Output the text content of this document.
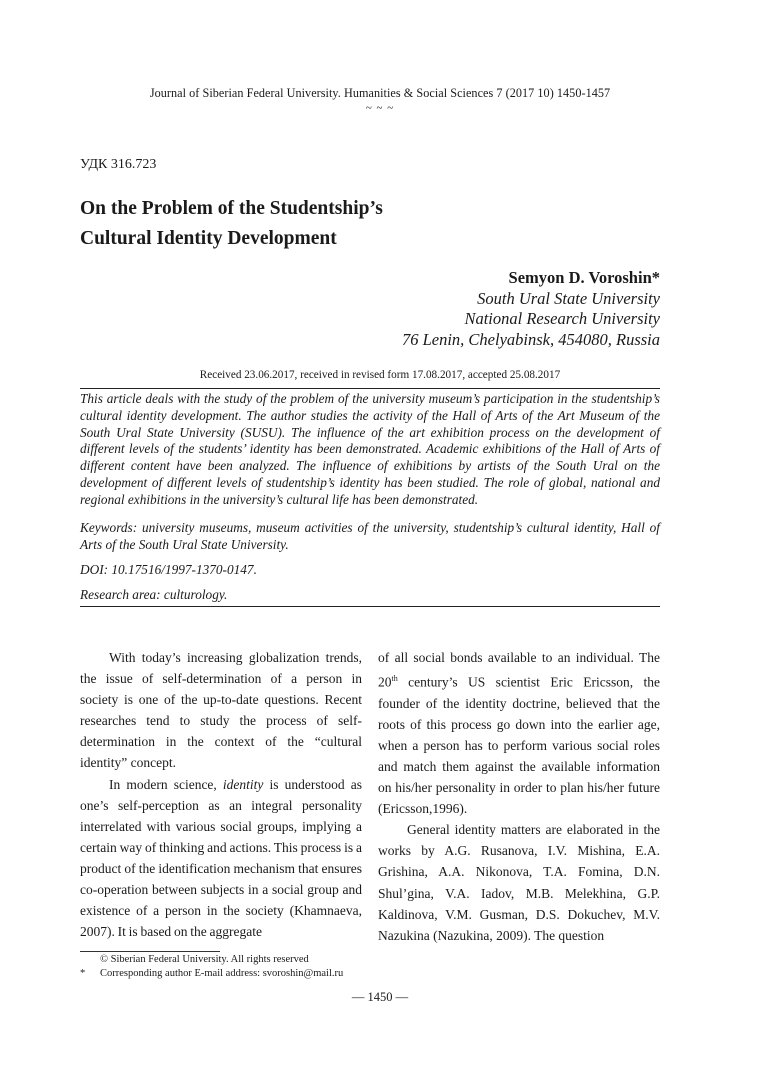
Journal of Siberian Federal University. Humanities & Social Sciences 7 (2017 10) 1450-1457
~ ~ ~
УДК 316.723
On the Problem of the Studentship’s
Cultural Identity Development
Semyon D. Voroshin*
South Ural State University
National Research University
76 Lenin, Chelyabinsk, 454080, Russia
Received 23.06.2017, received in revised form 17.08.2017, accepted 25.08.2017

This article deals with the study of the problem of the university museum’s participation in the studentship’s cultural identity development. The author studies the activity of the Hall of Arts of the Art Museum of the South Ural State University (SUSU). The influence of the art exhibition process on the development of different levels of the students’ identity has been demonstrated. Academic exhibitions of the Hall of Arts of different content have been analyzed. The influence of exhibitions by artists of the South Ural on the development of different levels of studentship’s identity has been studied. The role of global, national and regional exhibitions in the university’s cultural life has been demonstrated.

Keywords: university museums, museum activities of the university, studentship’s cultural identity, Hall of Arts of the South Ural State University.
DOI: 10.17516/1997-1370-0147.
Research area: culturology.

With today’s increasing globalization trends, the issue of self-determination of a person in society is one of the up-to-date questions. Recent researches tend to study the process of self-determination in the context of the “cultural identity” concept.

In modern science, identity is understood as one’s self-perception as an integral personality interrelated with various social groups, implying a certain way of thinking and actions. This process is a product of the identification mechanism that ensures co-operation between subjects in a social group and existence of a person in the society (Khamnaeva, 2007). It is based on the aggregate

of all social bonds available to an individual. The 20th century’s US scientist Eric Ericsson, the founder of the identity doctrine, believed that the roots of this process go down into the earlier age, when a person has to perform various social roles and match them against the available information on his/her personality in order to plan his/her future (Ericsson,1996).

General identity matters are elaborated in the works by A.G. Rusanova, I.V. Mishina, E.A. Grishina, A.A. Nikonova, T.A. Fomina, D.N. Shul’gina, V.A. Iadov, M.B. Melekhina, G.P. Kaldinova, V.M. Gusman, D.S. Dokuchev, M.V. Nazukina (Nazukina, 2009). The question

© Siberian Federal University. All rights reserved
* Corresponding author E-mail address: svoroshin@mail.ru
— 1450 —
